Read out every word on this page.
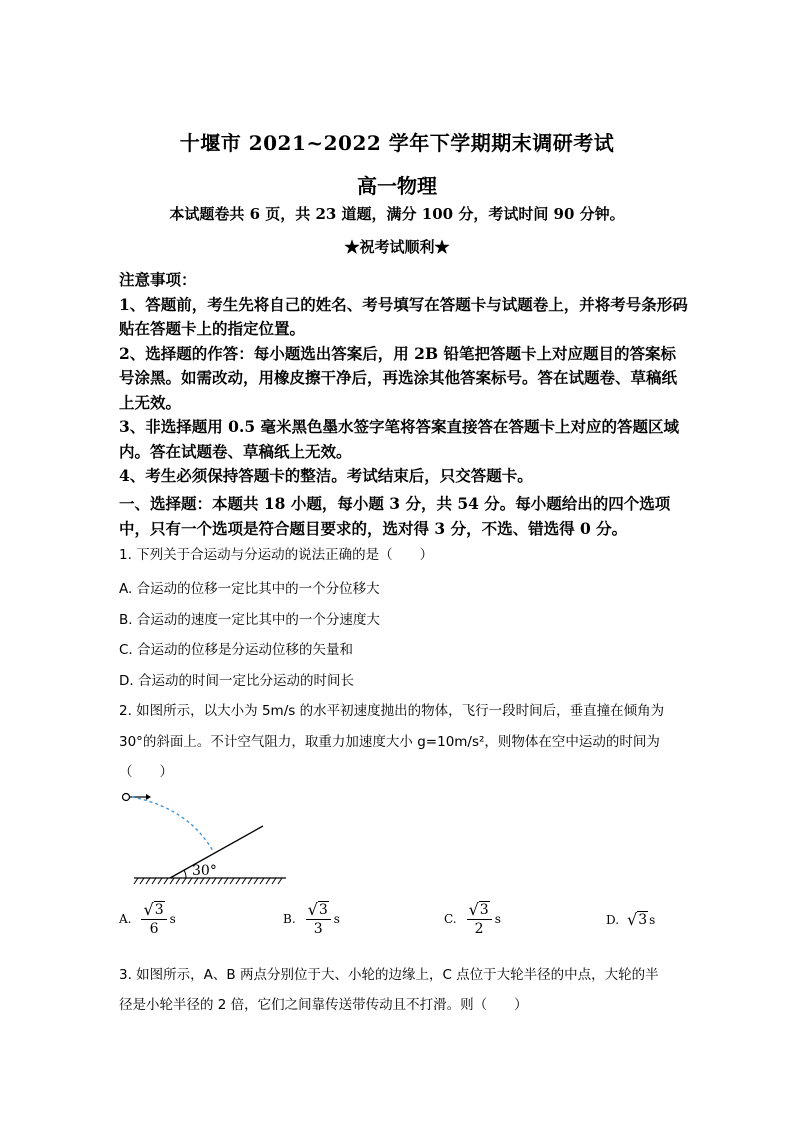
十堰市 2021~2022 学年下学期期末调研考试
高一物理
本试题卷共 6 页，共 23 道题，满分 100 分，考试时间 90 分钟。
★祝考试顺利★

注意事项：

1、答题前，考生先将自己的姓名、考号填写在答题卡与试题卷上，并将考号条形码贴在答题卡上的指定位置。

2、选择题的作答：每小题选出答案后，用 2B 铅笔把答题卡上对应题目的答案标号涂黑。如需改动，用橡皮擦干净后，再选涂其他答案标号。答在试题卷、草稿纸上无效。

3、非选择题用 0.5 毫米黑色墨水签字笔将答案直接答在答题卡上对应的答题区域内。答在试题卷、草稿纸上无效。

4、考生必须保持答题卡的整洁。考试结束后，只交答题卡。

一、选择题：本题共 18 小题，每小题 3 分，共 54 分。每小题给出的四个选项中，只有一个选项是符合题目要求的，选对得 3 分，不选、错选得 0 分。
1. 下列关于合运动与分运动的说法正确的是（　　）
A. 合运动的位移一定比其中的一个分位移大
B. 合运动的速度一定比其中的一个分速度大
C. 合运动的位移是分运动位移的矢量和
D. 合运动的时间一定比分运动的时间长
2. 如图所示，以大小为 5m/s 的水平初速度抛出的物体，飞行一段时间后，垂直撞在倾角为
30°的斜面上。不计空气阻力，取重力加速度大小 g=10m/s²，则物体在空中运动的时间为
（　　）
30°
A. $\frac{√ 3}{6}$ s	B. $\frac{√ 3}{3}$ s	C. $\frac{√ 3}{2}$ s	D. √ 3 s
3. 如图所示，A、B 两点分别位于大、小轮的边缘上，C 点位于大轮半径的中点，大轮的半
径是小轮半径的 2 倍，它们之间靠传送带传动且不打滑。则（　　）
